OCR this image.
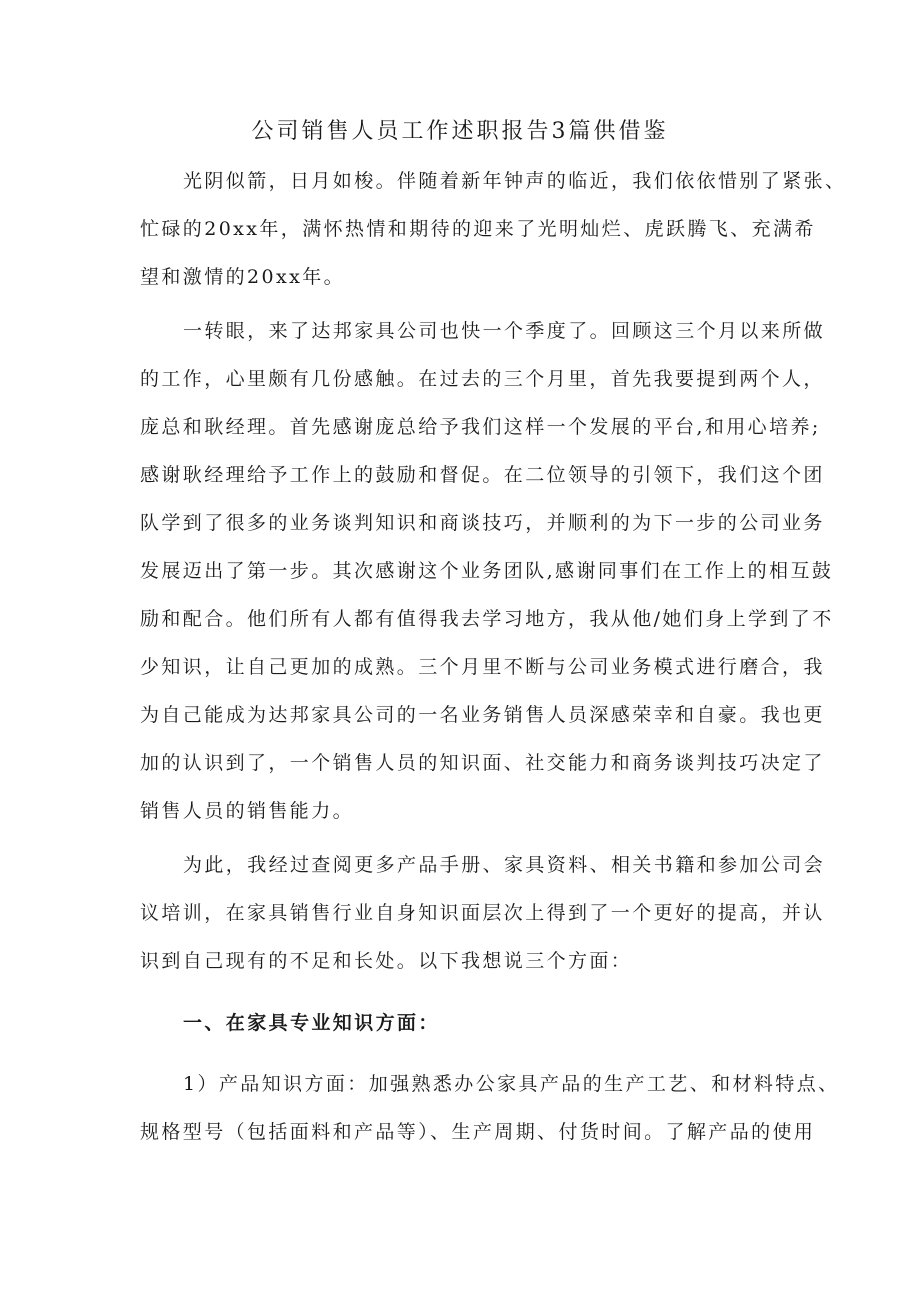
公司销售人员工作述职报告3篇供借鉴
光阴似箭，日月如梭。伴随着新年钟声的临近，我们依依惜别了紧张、
忙碌的20xx年，满怀热情和期待的迎来了光明灿烂、虎跃腾飞、充满希
望和激情的20xx年。
一转眼，来了达邦家具公司也快一个季度了。回顾这三个月以来所做
的工作，心里颇有几份感触。在过去的三个月里，首先我要提到两个人，
庞总和耿经理。首先感谢庞总给予我们这样一个发展的平台,和用心培养;
感谢耿经理给予工作上的鼓励和督促。在二位领导的引领下，我们这个团
队学到了很多的业务谈判知识和商谈技巧，并顺利的为下一步的公司业务
发展迈出了第一步。其次感谢这个业务团队,感谢同事们在工作上的相互鼓
励和配合。他们所有人都有值得我去学习地方，我从他/她们身上学到了不
少知识，让自己更加的成熟。三个月里不断与公司业务模式进行磨合，我
为自己能成为达邦家具公司的一名业务销售人员深感荣幸和自豪。我也更
加的认识到了，一个销售人员的知识面、社交能力和商务谈判技巧决定了
销售人员的销售能力。
为此，我经过查阅更多产品手册、家具资料、相关书籍和参加公司会
议培训，在家具销售行业自身知识面层次上得到了一个更好的提高，并认
识到自己现有的不足和长处。以下我想说三个方面：
一、在家具专业知识方面：
1）产品知识方面：加强熟悉办公家具产品的生产工艺、和材料特点、
规格型号（包括面料和产品等）、生产周期、付货时间。了解产品的使用
